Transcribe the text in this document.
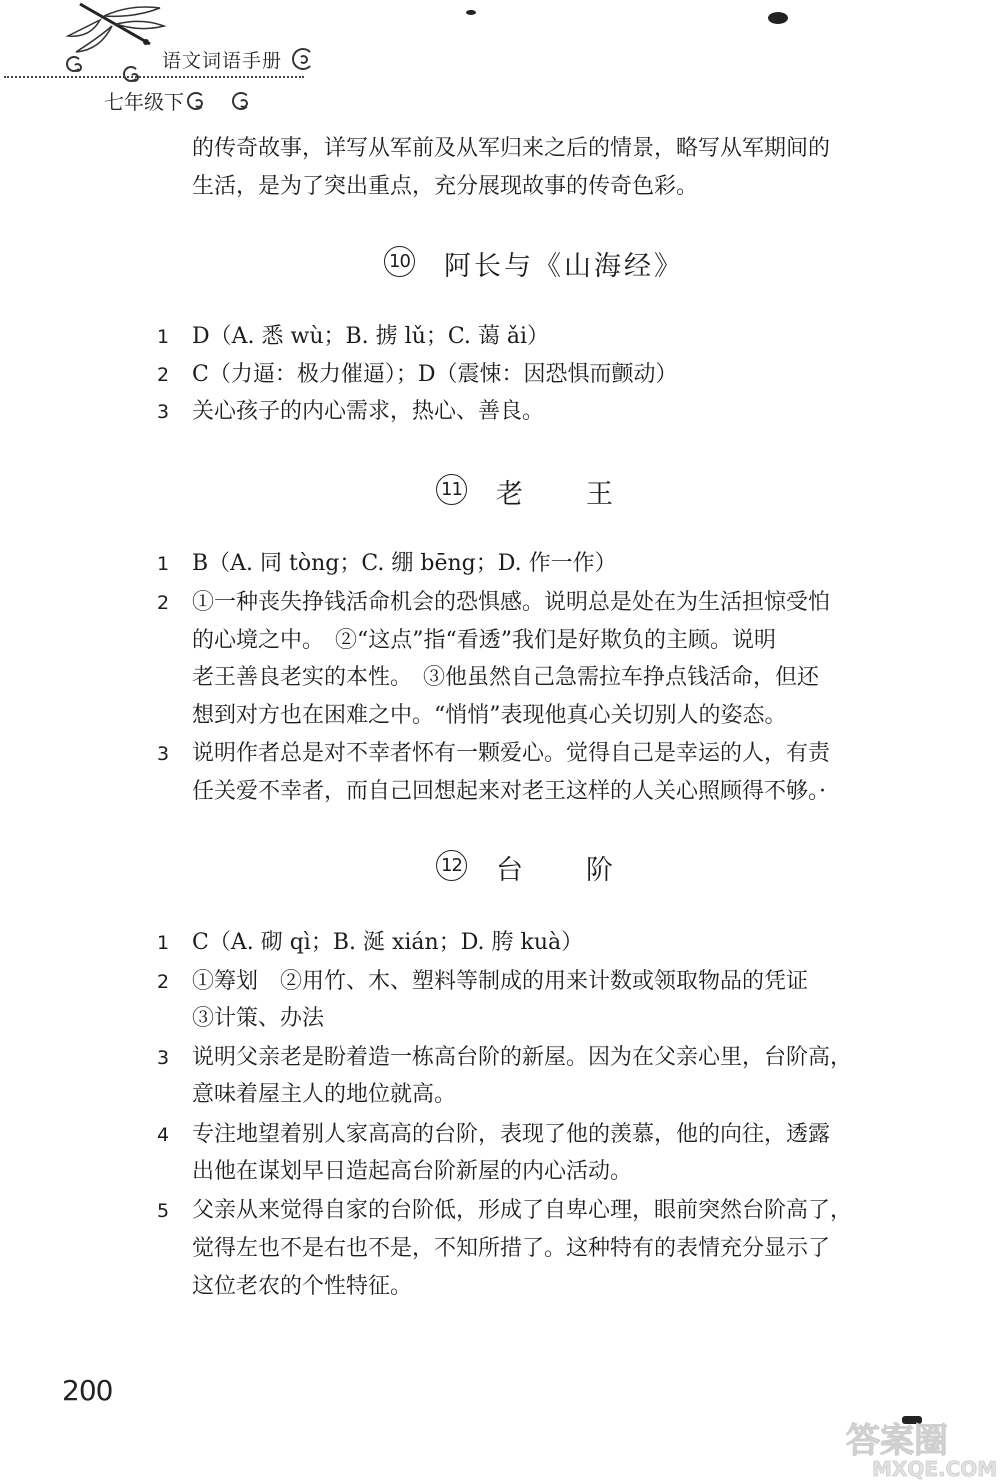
语文词语手册
七年级下

的传奇故事，详写从军前及从军归来之后的情景，略写从军期间的

生活，是为了突出重点，充分展现故事的传奇色彩。

10 阿长与《山海经》
1 D（A. 悉 wù；B. 掳 lǔ；C. 蔼 ǎi）

2 C（力逼：极力催逼）；D（震悚：因恐惧而颤动）

3 关心孩子的内心需求，热心、善良。

11 老　　王
1 B（A. 同 tòng；C. 绷 bēng；D. 作一作）

2 ①一种丧失挣钱活命机会的恐惧感。说明总是处在为生活担惊受怕

的心境之中。　②“这点”指“看透”我们是好欺负的主顾。说明

老王善良老实的本性。　③他虽然自己急需拉车挣点钱活命，但还

想到对方也在困难之中。“悄悄”表现他真心关切别人的姿态。

3 说明作者总是对不幸者怀有一颗爱心。觉得自己是幸运的人，有责

任关爱不幸者，而自己回想起来对老王这样的人关心照顾得不够。·

12 台　　阶
1 C（A. 砌 qì；B. 涎 xián；D. 胯 kuà）

2 ①筹划　②用竹、木、塑料等制成的用来计数或领取物品的凭证

③计策、办法

3 说明父亲老是盼着造一栋高台阶的新屋。因为在父亲心里，台阶高，

意味着屋主人的地位就高。

4 专注地望着别人家高高的台阶，表现了他的羡慕，他的向往，透露

出他在谋划早日造起高台阶新屋的内心活动。

5 父亲从来觉得自家的台阶低，形成了自卑心理，眼前突然台阶高了，

觉得左也不是右也不是，不知所措了。这种特有的表情充分显示了

这位老农的个性特征。

200
答案圈
MXQE.COM
